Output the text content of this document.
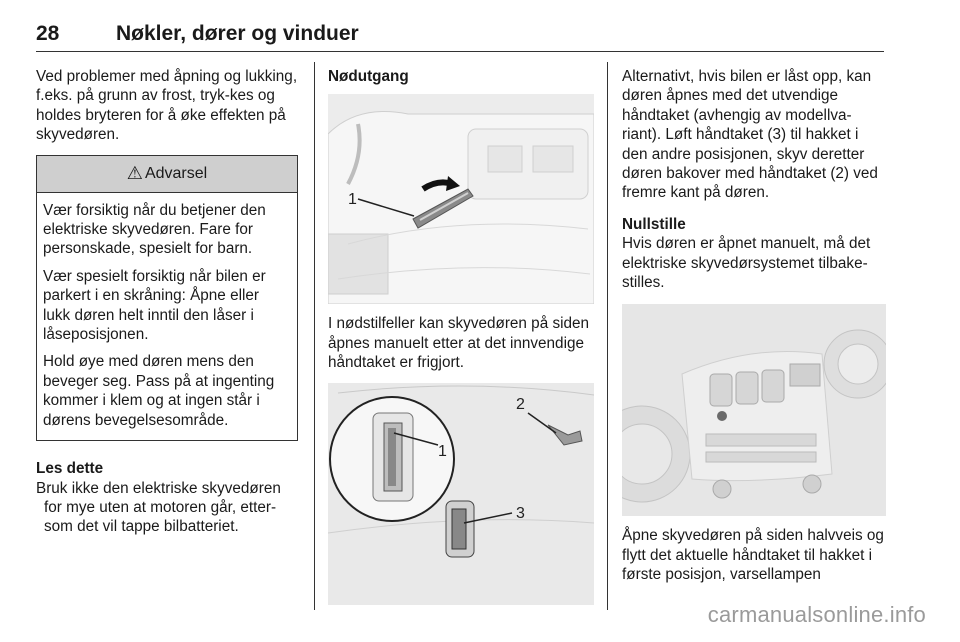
28	Nøkler, dører og vinduer

Ved problemer med åpning og lukking, f.eks. på grunn av frost, tryk-kes og holdes bryteren for å øke effekten på skyvedøren.

⚠ Advarsel

Vær forsiktig når du betjener den elektriske skyvedøren. Fare for personskade, spesielt for barn.

Vær spesielt forsiktig når bilen er parkert i en skråning: Åpne eller lukk døren helt inntil den låser i låseposisjonen.

Hold øye med døren mens den beveger seg. Pass på at ingenting kommer i klem og at ingen står i dørens bevegelsesområde.

Les dette

Bruk ikke den elektriske skyvedøren for mye uten at motoren går, etter-som det vil tappe bilbatteriet.

Nødutgang

1

I nødstilfeller kan skyvedøren på siden åpnes manuelt etter at det innvendige håndtaket er frigjort.

1
2
3

Alternativt, hvis bilen er låst opp, kan døren åpnes med det utvendige håndtaket (avhengig av modellva-riant). Løft håndtaket (3) til hakket i den andre posisjonen, skyv deretter døren bakover med håndtaket (2) ved fremre kant på døren.

Nullstille

Hvis døren er åpnet manuelt, må det elektriske skyvedørsystemet tilbake-stilles.

Åpne skyvedøren på siden halvveis og flytt det aktuelle håndtaket til hakket i første posisjon, varsellampen

carmanualsonline.info
